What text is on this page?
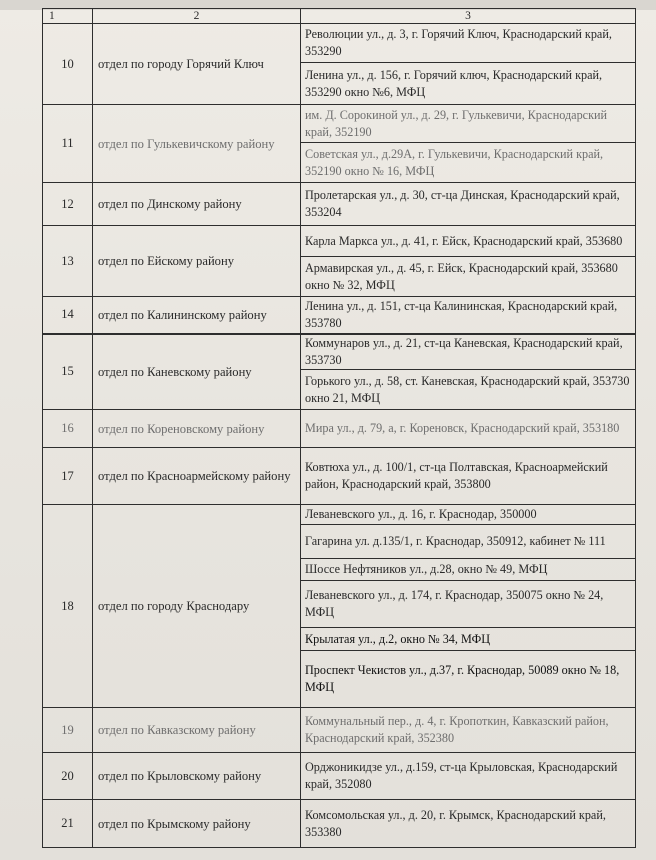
1	2	3
10	отдел по городу Горячий Ключ	Революции ул., д. 3, г. Горячий Ключ, Краснодарский край, 353290
		Ленина ул., д. 156, г. Горячий ключ, Краснодарский край, 353290 окно №6, МФЦ
11	отдел по Гулькевичскому району	им. Д. Сорокиной ул., д. 29, г. Гулькевичи, Краснодарский край, 352190
		Советская ул., д.29А, г. Гулькевичи, Краснодарский край, 352190 окно № 16, МФЦ
12	отдел по Динскому району	Пролетарская ул., д. 30, ст-ца Динская, Краснодарский край, 353204
13	отдел по Ейскому району	Карла Маркса ул., д. 41, г. Ейск, Краснодарский край, 353680
		Армавирская ул., д. 45, г. Ейск, Краснодарский край, 353680 окно № 32, МФЦ
14	отдел по Калининскому району	Ленина ул., д. 151, ст-ца Калининская, Краснодарский край, 353780
15	отдел по Каневскому району	Коммунаров ул., д. 21, ст-ца Каневская, Краснодарский край, 353730
		Горького ул., д. 58, ст. Каневская, Краснодарский край, 353730 окно 21, МФЦ
16	отдел по Кореновскому району	Мира ул., д. 79, а, г. Кореновск, Краснодарский край, 353180
17	отдел по Красноармейскому району	Ковтюха ул., д. 100/1, ст-ца Полтавская, Красноармейский район, Краснодарский край, 353800
18	отдел по городу Краснодару	Леваневского ул., д. 16, г. Краснодар, 350000
		Гагарина ул. д.135/1, г. Краснодар, 350912, кабинет № 111
		Шоссе Нефтяников ул., д.28, окно № 49, МФЦ
		Леваневского ул., д. 174, г. Краснодар, 350075 окно № 24, МФЦ
		Крылатая ул., д.2, окно № 34, МФЦ
		Проспект Чекистов ул., д.37, г. Краснодар, 50089 окно № 18, МФЦ
19	отдел по Кавказскому району	Коммунальный пер., д. 4, г. Кропоткин, Кавказский район, Краснодарский край, 352380
20	отдел по Крыловскому району	Орджоникидзе ул., д.159, ст-ца Крыловская, Краснодарский край, 352080
21	отдел по Крымскому району	Комсомольская ул., д. 20, г. Крымск, Краснодарский край, 353380
